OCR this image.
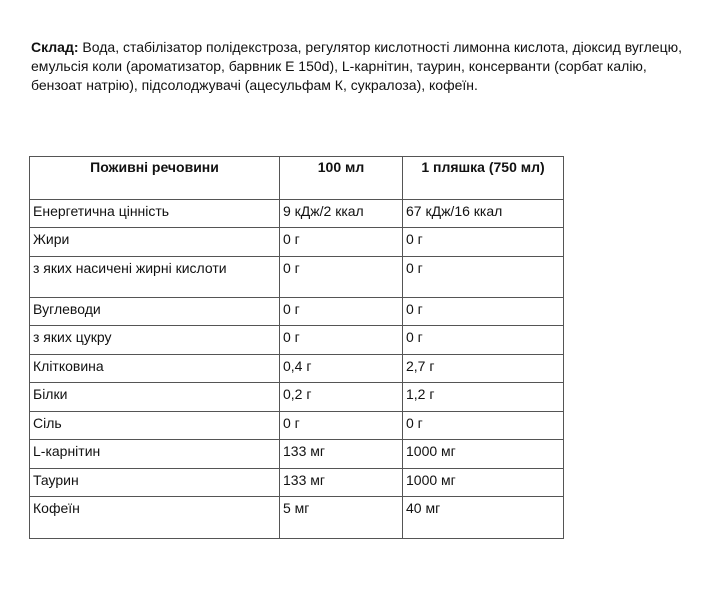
Склад: Вода, стабілізатор полідекстроза, регулятор кислотності лимонна кислота, діоксид вуглецю, емульсія коли (ароматизатор, барвник Е 150d), L-карнітин, таурин, консерванти (сорбат калію, бензоат натрію), підсолоджувачі (ацесульфам К, сукралоза), кофеїн.
Поживні речовини	100 мл	1 пляшка (750 мл)

Енергетична цінність	9 кДж/2 ккал	67 кДж/16 ккал

Жири	0 г	0 г

з яких насичені жирні кислоти	0 г	0 г

Вуглеводи	0 г	0 г

з яких цукру	0 г	0 г

Клітковина	0,4 г	2,7 г

Білки	0,2 г	1,2 г

Сіль	0 г	0 г

L-карнітин	133 мг	1000 мг

Таурин	133 мг	1000 мг

Кофеїн	5 мг	40 мг
